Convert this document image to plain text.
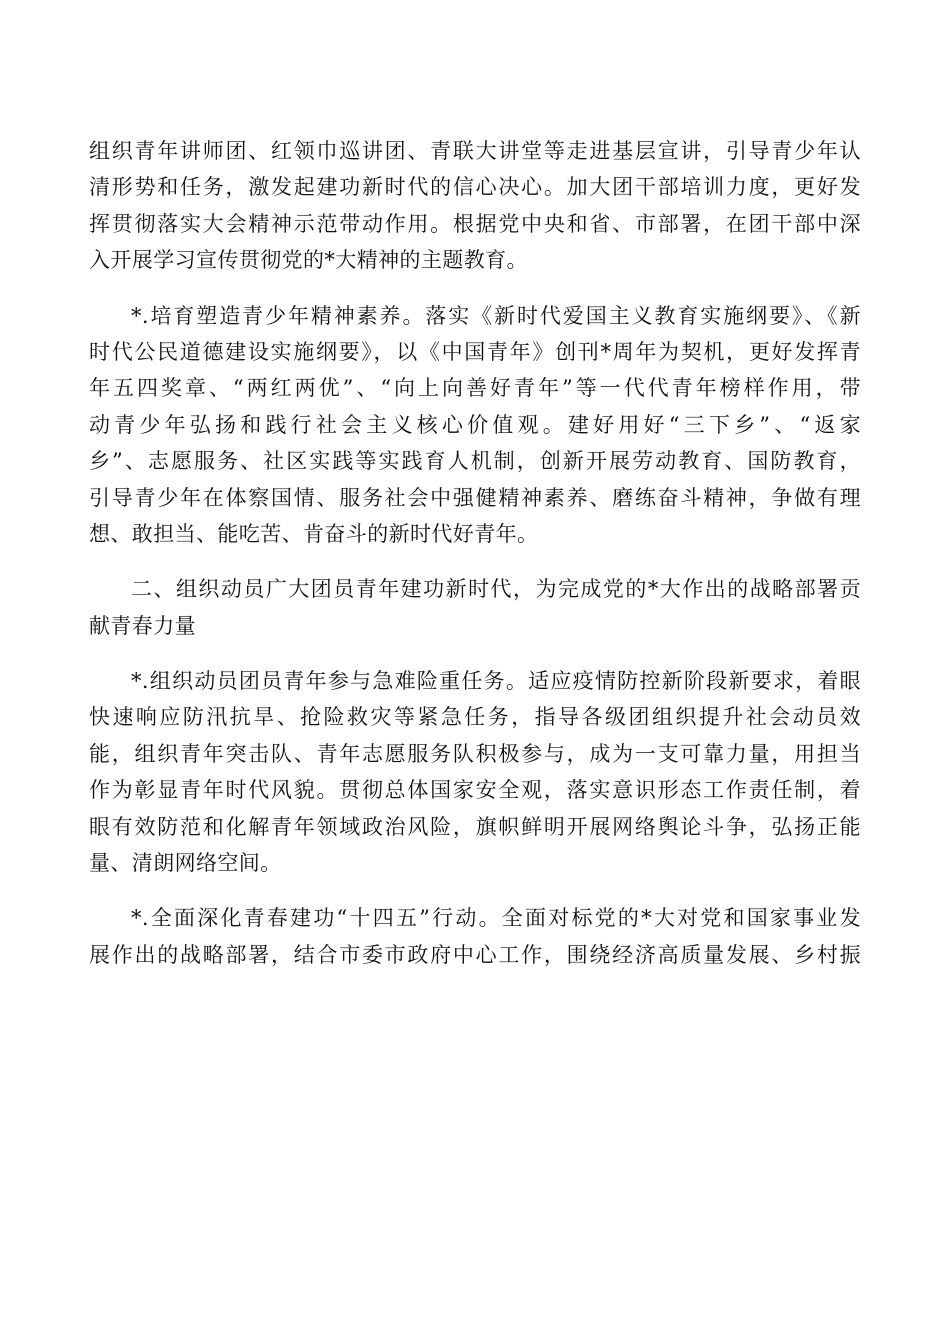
组织青年讲师团、红领巾巡讲团、青联大讲堂等走进基层宣讲，引导青少年认
清形势和任务，激发起建功新时代的信心决心。加大团干部培训力度，更好发
挥贯彻落实大会精神示范带动作用。根据党中央和省、市部署，在团干部中深
入开展学习宣传贯彻党的*大精神的主题教育。
*.培育塑造青少年精神素养。落实《新时代爱国主义教育实施纲要》、《新
时代公民道德建设实施纲要》，以《中国青年》创刊*周年为契机，更好发挥青
年五四奖章、“两红两优”、“向上向善好青年”等一代代青年榜样作用，带
动青少年弘扬和践行社会主义核心价值观。建好用好“三下乡”、“返家
乡”、志愿服务、社区实践等实践育人机制，创新开展劳动教育、国防教育，
引导青少年在体察国情、服务社会中强健精神素养、磨练奋斗精神，争做有理
想、敢担当、能吃苦、肯奋斗的新时代好青年。
二、组织动员广大团员青年建功新时代，为完成党的*大作出的战略部署贡
献青春力量
*.组织动员团员青年参与急难险重任务。适应疫情防控新阶段新要求，着眼
快速响应防汛抗旱、抢险救灾等紧急任务，指导各级团组织提升社会动员效
能，组织青年突击队、青年志愿服务队积极参与，成为一支可靠力量，用担当
作为彰显青年时代风貌。贯彻总体国家安全观，落实意识形态工作责任制，着
眼有效防范和化解青年领域政治风险，旗帜鲜明开展网络舆论斗争，弘扬正能
量、清朗网络空间。
*.全面深化青春建功“十四五”行动。全面对标党的*大对党和国家事业发
展作出的战略部署，结合市委市政府中心工作，围绕经济高质量发展、乡村振
